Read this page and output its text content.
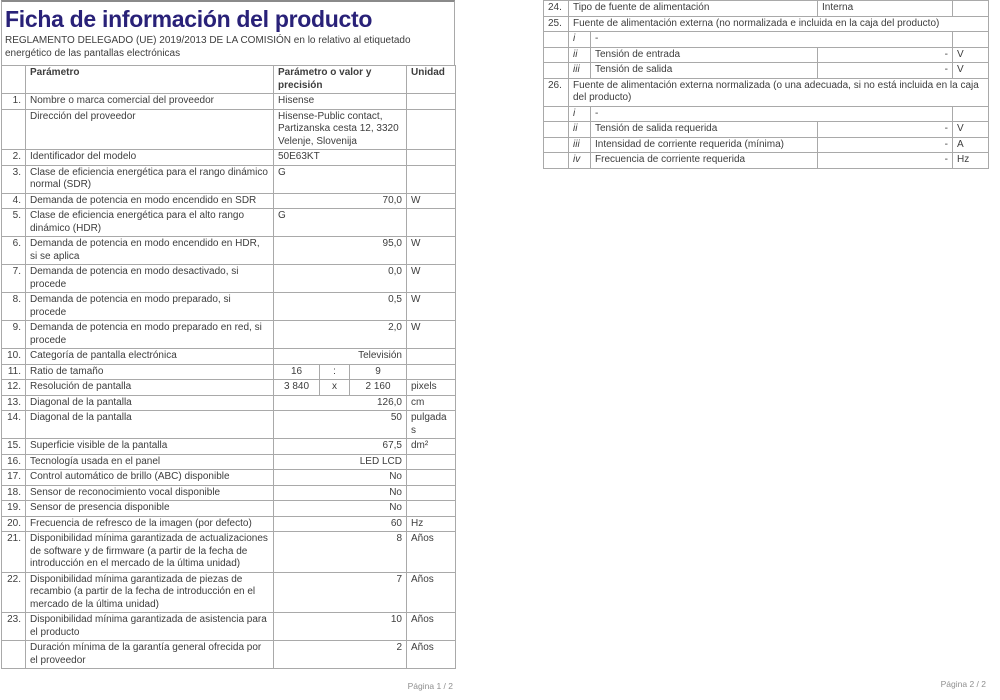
Ficha de información del producto
REGLAMENTO DELEGADO (UE) 2019/2013 DE LA COMISIÓN en lo relativo al etiquetado energético de las pantallas electrónicas
	Parámetro	Parámetro o valor y precisión	Unidad
1.	Nombre o marca comercial del proveedor	Hisense	
	Dirección del proveedor	Hisense-Public contact, Partizanska cesta 12, 3320 Velenje, Slovenija	
2.	Identificador del modelo	50E63KT	
3.	Clase de eficiencia energética para el rango dinámico normal (SDR)	G	
4.	Demanda de potencia en modo encendido en SDR	70,0	W
5.	Clase de eficiencia energética para el alto rango dinámico (HDR)	G	
6.	Demanda de potencia en modo encendido en HDR, si se aplica	95,0	W
7.	Demanda de potencia en modo desactivado, si procede	0,0	W
8.	Demanda de potencia en modo preparado, si procede	0,5	W
9.	Demanda de potencia en modo preparado en red, si procede	2,0	W
10.	Categoría de pantalla electrónica	Televisión	
11.	Ratio de tamaño	16 : 9	

12.	Resolución de pantalla	3 840 x 2 160	pixels
13.	Diagonal de la pantalla	126,0	cm
14.	Diagonal de la pantalla	50	pulgadas
15.	Superficie visible de la pantalla	67,5	dm²
16.	Tecnología usada en el panel	LED LCD	
17.	Control automático de brillo (ABC) disponible	No	
18.	Sensor de reconocimiento vocal disponible	No	
19.	Sensor de presencia disponible	No	
20.	Frecuencia de refresco de la imagen (por defecto)	60	Hz
21.	Disponibilidad mínima garantizada de actualizaciones de software y de firmware (a partir de la fecha de introducción en el mercado de la última unidad)	8	Años
22.	Disponibilidad mínima garantizada de piezas de recambio (a partir de la fecha de introducción en el mercado de la última unidad)	7	Años
23.	Disponibilidad mínima garantizada de asistencia para el producto	10	Años
	Duración mínima de la garantía general ofrecida por el proveedor	2	Años
Página 1 / 2
24.	Tipo de fuente de alimentación		Interna	
25.	Fuente de alimentación externa (no normalizada e incluida en la caja del producto)			
	i	-		
	ii	Tensión de entrada	-	V
	iii	Tensión de salida	-	V
26.	Fuente de alimentación externa normalizada (o una adecuada, si no está incluida en la caja del producto)			
	i	-		
	ii	Tensión de salida requerida	-	V
	iii	Intensidad de corriente requerida (mínima)	-	A
	iv	Frecuencia de corriente requerida	-	Hz
Página 2 / 2
